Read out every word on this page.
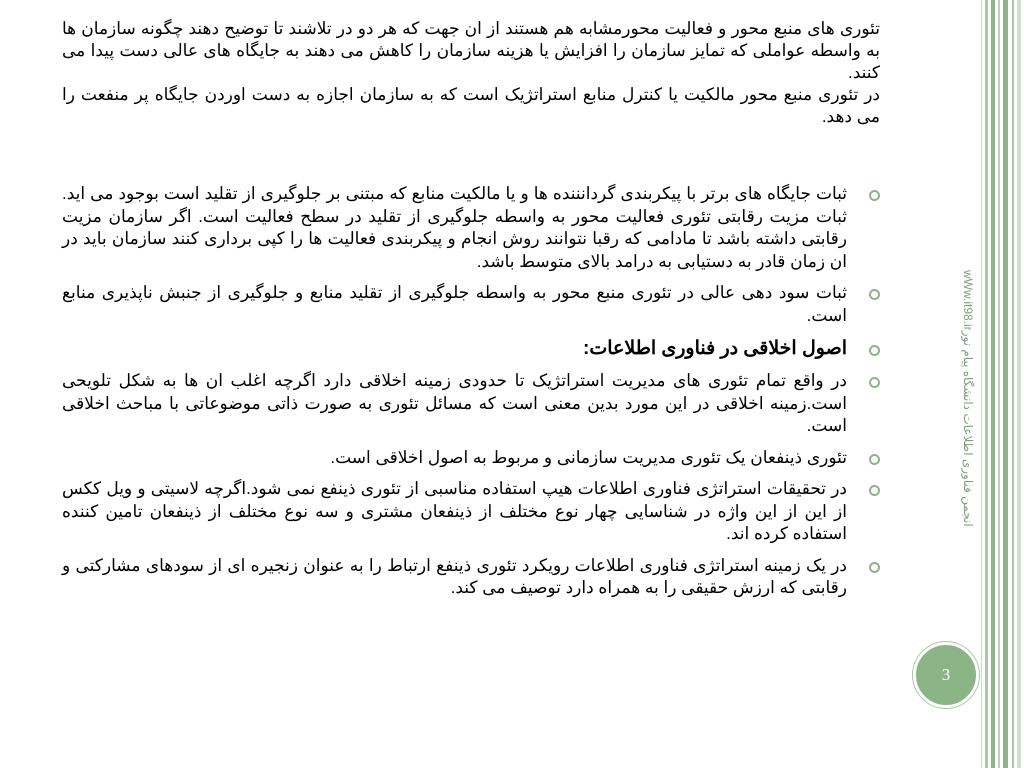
تئوری های منبع محور و فعالیت محورمشابه هم هستند از ان جهت که هر دو در تلاشند تا توضیح دهند چگونه سازمان ها به واسطه عواملی که تمایز سازمان را افزایش یا هزینه سازمان را کاهش می دهند به جایگاه های عالی دست پیدا می کنند.

در تئوری منبع محور مالکیت یا کنترل منابع استراتژیک است که به سازمان اجازه به دست اوردن جایگاه پر منفعت را می دهد.

ثبات جایگاه های برتر با پیکربندی گردانننده ها و یا مالکیت منابع که مبتنی بر جلوگیری از تقلید است بوجود می اید. ثبات مزیت رقابتی تئوری فعالیت محور به واسطه جلوگیری از تقلید در سطح فعالیت است. اگر سازمان مزیت رقابتی داشته باشد تا مادامی که رقبا نتوانند روش انجام و پیکربندی فعالیت ها را کپی برداری کنند سازمان باید در ان زمان قادر به دستیابی به درامد بالای متوسط باشد.
ثبات سود دهی عالی در تئوری منبع محور به واسطه جلوگیری از تقلید منابع و جلوگیری از جنبش ناپذیری منابع است.
اصول اخلاقی در فناوری اطلاعات:
در واقع تمام تئوری های مدیریت استراتژیک تا حدودی زمینه اخلاقی دارد اگرچه اغلب ان ها به شکل تلویحی است.زمینه اخلاقی در این مورد بدین معنی است که مسائل تئوری به صورت ذاتی موضوعاتی با مباحث اخلاقی است.
تئوری ذینفعان یک تئوری مدیریت سازمانی و مربوط به اصول اخلاقی است.
در تحقیقات استراتژی فناوری اطلاعات هیپ استفاده مناسبی از تئوری ذینفع نمی شود.اگرچه لاسیتی و ویل ککس از این از این واژه در شناسایی چهار نوع مختلف از ذینفعان مشتری و سه نوع مختلف از ذینفعان تامین کننده استفاده کرده اند.
در یک زمینه استراتژی فناوری اطلاعات رویکرد تئوری ذینفع ارتباط را به عنوان زنجیره ای از سودهای مشارکتی و رقابتی که ارزش حقیقی را به همراه دارد توصیف می کند.
wWw.it98.irانجمن فناوری اطلاعات دانشگاه پیام نور
3
